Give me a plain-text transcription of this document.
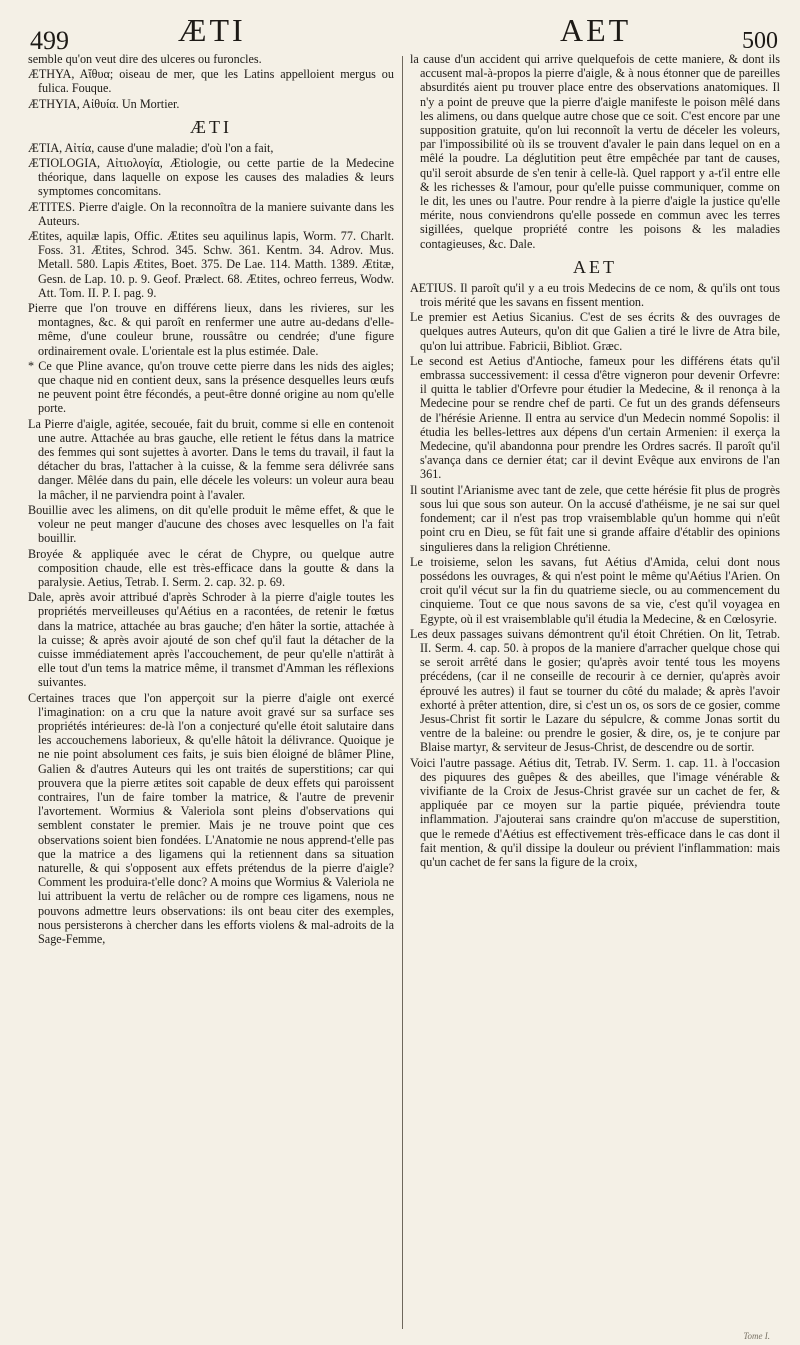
499	ÆTI	AET	500

semble qu'on veut dire des ulceres ou furoncles.

ÆTHYA, Aἴθυα; oiseau de mer, que les Latins appelloient mergus ou fulica. Fouque.

ÆTHYIA, Aἰθυία. Un Mortier.

ÆTI

ÆTIA, Aἰτία, cause d'une maladie; d'où l'on a fait,

ÆTIOLOGIA, Aἰτιολογία, Ætiologie, ou cette partie de la Medecine théorique, dans laquelle on expose les causes des maladies & leurs symptomes concomitans.

ÆTITES. Pierre d'aigle. On la reconnoîtra de la maniere suivante dans les Auteurs.

Ætites, aquilæ lapis, Offic. Ætites seu aquilinus lapis, Worm. 77. Charlt. Foss. 31. Ætites, Schrod. 345. Schw. 361. Kentm. 34. Adrov. Mus. Metall. 580. Lapis Ætites, Boet. 375. De Lae. 114. Matth. 1389. Ætitæ, Gesn. de Lap. 10. p. 9. Geof. Prælect. 68. Ætites, ochreo ferreus, Wodw. Att. Tom. II. P. I. pag. 9.

Pierre que l'on trouve en différens lieux, dans les rivieres, sur les montagnes, &c. & qui paroît en renfermer une autre au-dedans d'elle-même, d'une couleur brune, roussâtre ou cendrée; d'une figure ordinairement ovale. L'orientale est la plus estimée. Dale.

* Ce que Pline avance, qu'on trouve cette pierre dans les nids des aigles; que chaque nid en contient deux, sans la présence desquelles leurs œufs ne peuvent point être fécondés, a peut-être donné origine au nom qu'elle porte.

La Pierre d'aigle, agitée, secouée, fait du bruit, comme si elle en contenoit une autre. Attachée au bras gauche, elle retient le fétus dans la matrice des femmes qui sont sujettes à avorter. Dans le tems du travail, il faut la détacher du bras, l'attacher à la cuisse, & la femme sera délivrée sans danger. Mêlée dans du pain, elle décele les voleurs: un voleur aura beau la mâcher, il ne parviendra point à l'avaler.

Bouillie avec les alimens, on dit qu'elle produit le même effet, & que le voleur ne peut manger d'aucune des choses avec lesquelles on l'a fait bouillir.

Broyée & appliquée avec le cérat de Chypre, ou quelque autre composition chaude, elle est très-efficace dans la goutte & dans la paralysie. Aetius, Tetrab. I. Serm. 2. cap. 32. p. 69.

Dale, après avoir attribué d'après Schroder à la pierre d'aigle toutes les propriétés merveilleuses qu'Aétius en a racontées, de retenir le fœtus dans la matrice, attachée au bras gauche; d'en hâter la sortie, attachée à la cuisse; & après avoir ajouté de son chef qu'il faut la détacher de la cuisse immédiatement après l'accouchement, de peur qu'elle n'attirât à elle tout d'un tems la matrice même, il transmet d'Amman les réflexions suivantes.

Certaines traces que l'on apperçoit sur la pierre d'aigle ont exercé l'imagination: on a cru que la nature avoit gravé sur sa surface ses propriétés intérieures: de-là l'on a conjecturé qu'elle étoit salutaire dans les accouchemens laborieux, & qu'elle hâtoit la délivrance. Quoique je ne nie point absolument ces faits, je suis bien éloigné de blâmer Pline, Galien & d'autres Auteurs qui les ont traités de superstitions; car qui prouvera que la pierre ætites soit capable de deux effets qui paroissent contraires, l'un de faire tomber la matrice, & l'autre de prevenir l'avortement. Wormius & Valeriola sont pleins d'observations qui semblent constater le premier. Mais je ne trouve point que ces observations soient bien fondées. L'Anatomie ne nous apprend-t'elle pas que la matrice a des ligamens qui la retiennent dans sa situation naturelle, & qui s'opposent aux effets prétendus de la pierre d'aigle? Comment les produira-t'elle donc? A moins que Wormius & Valeriola ne lui attribuent la vertu de relâcher ou de rompre ces ligamens, nous ne pouvons admettre leurs observations: ils ont beau citer des exemples, nous persisterons à chercher dans les efforts violens & mal-adroits de la Sage-Femme,

la cause d'un accident qui arrive quelquefois de cette maniere, & dont ils accusent mal-à-propos la pierre d'aigle, & à nous étonner que de pareilles absurdités aient pu trouver place entre des observations anatomiques. Il n'y a point de preuve que la pierre d'aigle manifeste le poison mêlé dans les alimens, ou dans quelque autre chose que ce soit. C'est encore par une supposition gratuite, qu'on lui reconnoît la vertu de déceler les voleurs, par l'impossibilité où ils se trouvent d'avaler le pain dans lequel on en a mêlé la poudre. La déglutition peut être empêchée par tant de causes, qu'il seroit absurde de s'en tenir à celle-là. Quel rapport y a-t'il entre elle & les richesses & l'amour, pour qu'elle puisse communiquer, comme on le dit, les unes ou l'autre. Pour rendre à la pierre d'aigle la justice qu'elle mérite, nous conviendrons qu'elle possede en commun avec les terres sigillées, quelque propriété contre les poisons & les maladies contagieuses, &c. Dale.

AET

AETIUS. Il paroît qu'il y a eu trois Medecins de ce nom, & qu'ils ont tous trois mérité que les savans en fissent mention.

Le premier est Aetius Sicanius. C'est de ses écrits & des ouvrages de quelques autres Auteurs, qu'on dit que Galien a tiré le livre de Atra bile, qu'on lui attribue. Fabricii, Bibliot. Græc.

Le second est Aetius d'Antioche, fameux pour les différens états qu'il embrassa successivement: il cessa d'être vigneron pour devenir Orfevre: il quitta le tablier d'Orfevre pour étudier la Medecine, & il renonça à la Medecine pour se rendre chef de parti. Ce fut un des grands défenseurs de l'hérésie Arienne. Il entra au service d'un Medecin nommé Sopolis: il étudia les belles-lettres aux dépens d'un certain Armenien: il exerça la Medecine, qu'il abandonna pour prendre les Ordres sacrés. Il paroît qu'il s'avança dans ce dernier état; car il devint Evêque aux environs de l'an 361.

Il soutint l'Arianisme avec tant de zele, que cette hérésie fit plus de progrès sous lui que sous son auteur. On la accusé d'athéisme, je ne sai sur quel fondement; car il n'est pas trop vraisemblable qu'un homme qui n'eût point cru en Dieu, se fût fait une si grande affaire d'établir des opinions singulieres dans la religion Chrétienne.

Le troisieme, selon les savans, fut Aétius d'Amida, celui dont nous possédons les ouvrages, & qui n'est point le même qu'Aétius l'Arien. On croit qu'il vécut sur la fin du quatrieme siecle, ou au commencement du cinquieme. Tout ce que nous savons de sa vie, c'est qu'il voyagea en Egypte, où il est vraisemblable qu'il étudia la Medecine, & en Cœlosyrie.

Les deux passages suivans démontrent qu'il étoit Chrétien. On lit, Tetrab. II. Serm. 4. cap. 50. à propos de la maniere d'arracher quelque chose qui se seroit arrêté dans le gosier; qu'après avoir tenté tous les moyens précédens, (car il ne conseille de recourir à ce dernier, qu'après avoir éprouvé les autres) il faut se tourner du côté du malade; & après l'avoir exhorté à prêter attention, dire, si c'est un os, os sors de ce gosier, comme Jesus-Christ fit sortir le Lazare du sépulcre, & comme Jonas sortit du ventre de la baleine: ou prendre le gosier, & dire, os, je te conjure par Blaise martyr, & serviteur de Jesus-Christ, de descendre ou de sortir.

Voici l'autre passage. Aétius dit, Tetrab. IV. Serm. 1. cap. 11. à l'occasion des piquures des guêpes & des abeilles, que l'image vénérable & vivifiante de la Croix de Jesus-Christ gravée sur un cachet de fer, & appliquée par ce moyen sur la partie piquée, préviendra toute inflammation. J'ajouterai sans craindre qu'on m'accuse de superstition, que le remede d'Aétius est effectivement très-efficace dans le cas dont il fait mention, & qu'il dissipe la douleur ou prévient l'inflammation: mais qu'un cachet de fer sans la figure de la croix,

Tome I.
